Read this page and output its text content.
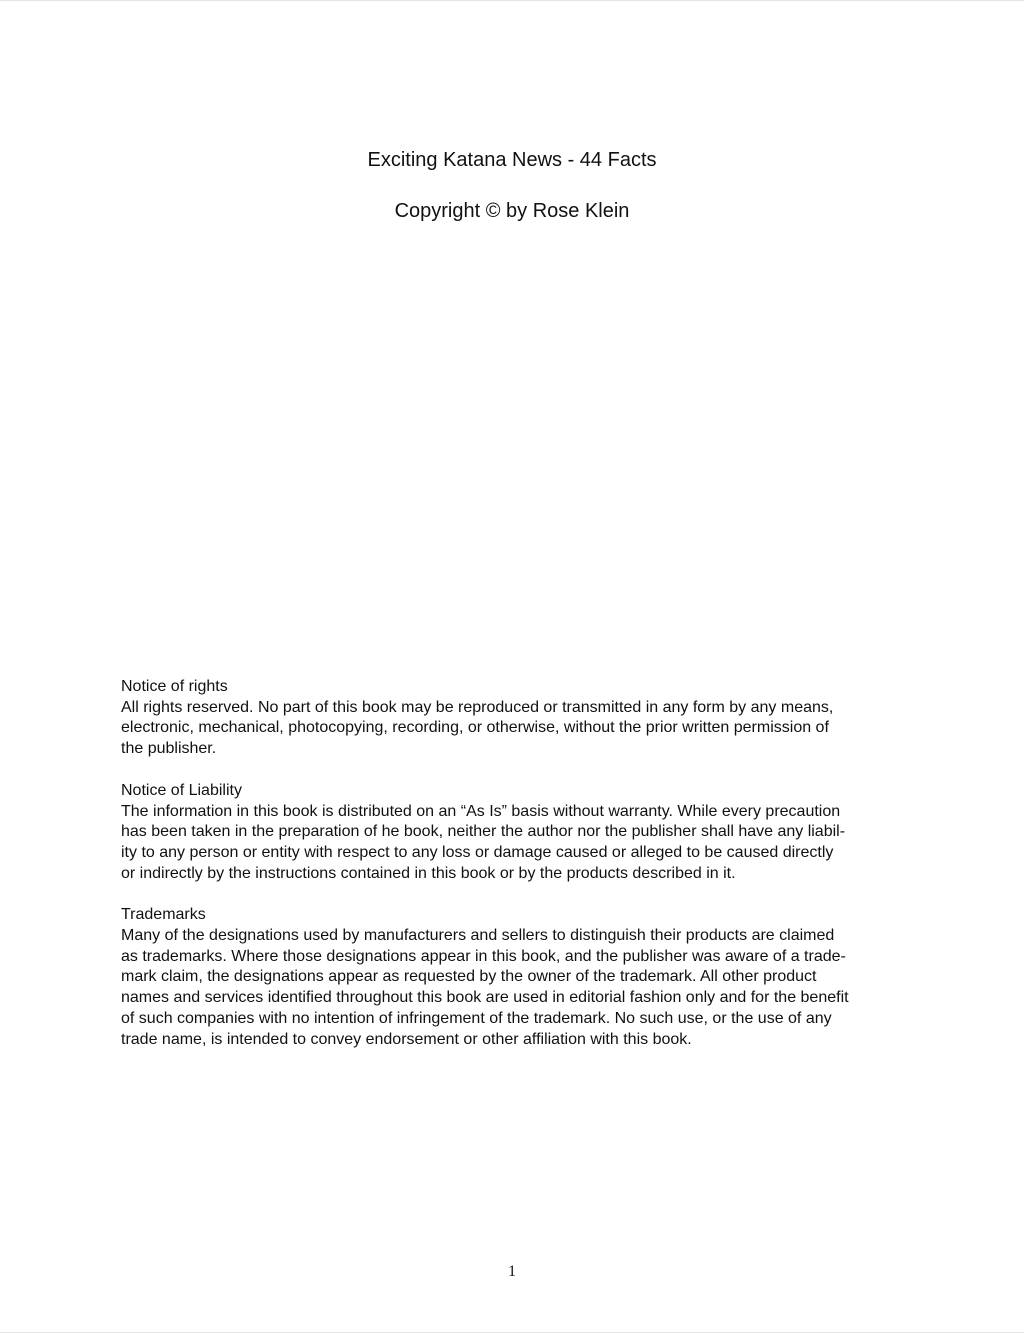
Exciting Katana News - 44 Facts

Copyright © by Rose Klein

Notice of rights
All rights reserved. No part of this book may be reproduced or transmitted in any form by any means,
electronic, mechanical, photocopying, recording, or otherwise, without the prior written permission of
the publisher.
Notice of Liability
The information in this book is distributed on an “As Is” basis without warranty. While every precaution
has been taken in the preparation of he book, neither the author nor the publisher shall have any liabil-
ity to any person or entity with respect to any loss or damage caused or alleged to be caused directly
or indirectly by the instructions contained in this book or by the products described in it.
Trademarks
Many of the designations used by manufacturers and sellers to distinguish their products are claimed
as trademarks. Where those designations appear in this book, and the publisher was aware of a trade-
mark claim, the designations appear as requested by the owner of the trademark. All other product
names and services identified throughout this book are used in editorial fashion only and for the benefit
of such companies with no intention of infringement of the trademark. No such use, or the use of any
trade name, is intended to convey endorsement or other affiliation with this book.
1
